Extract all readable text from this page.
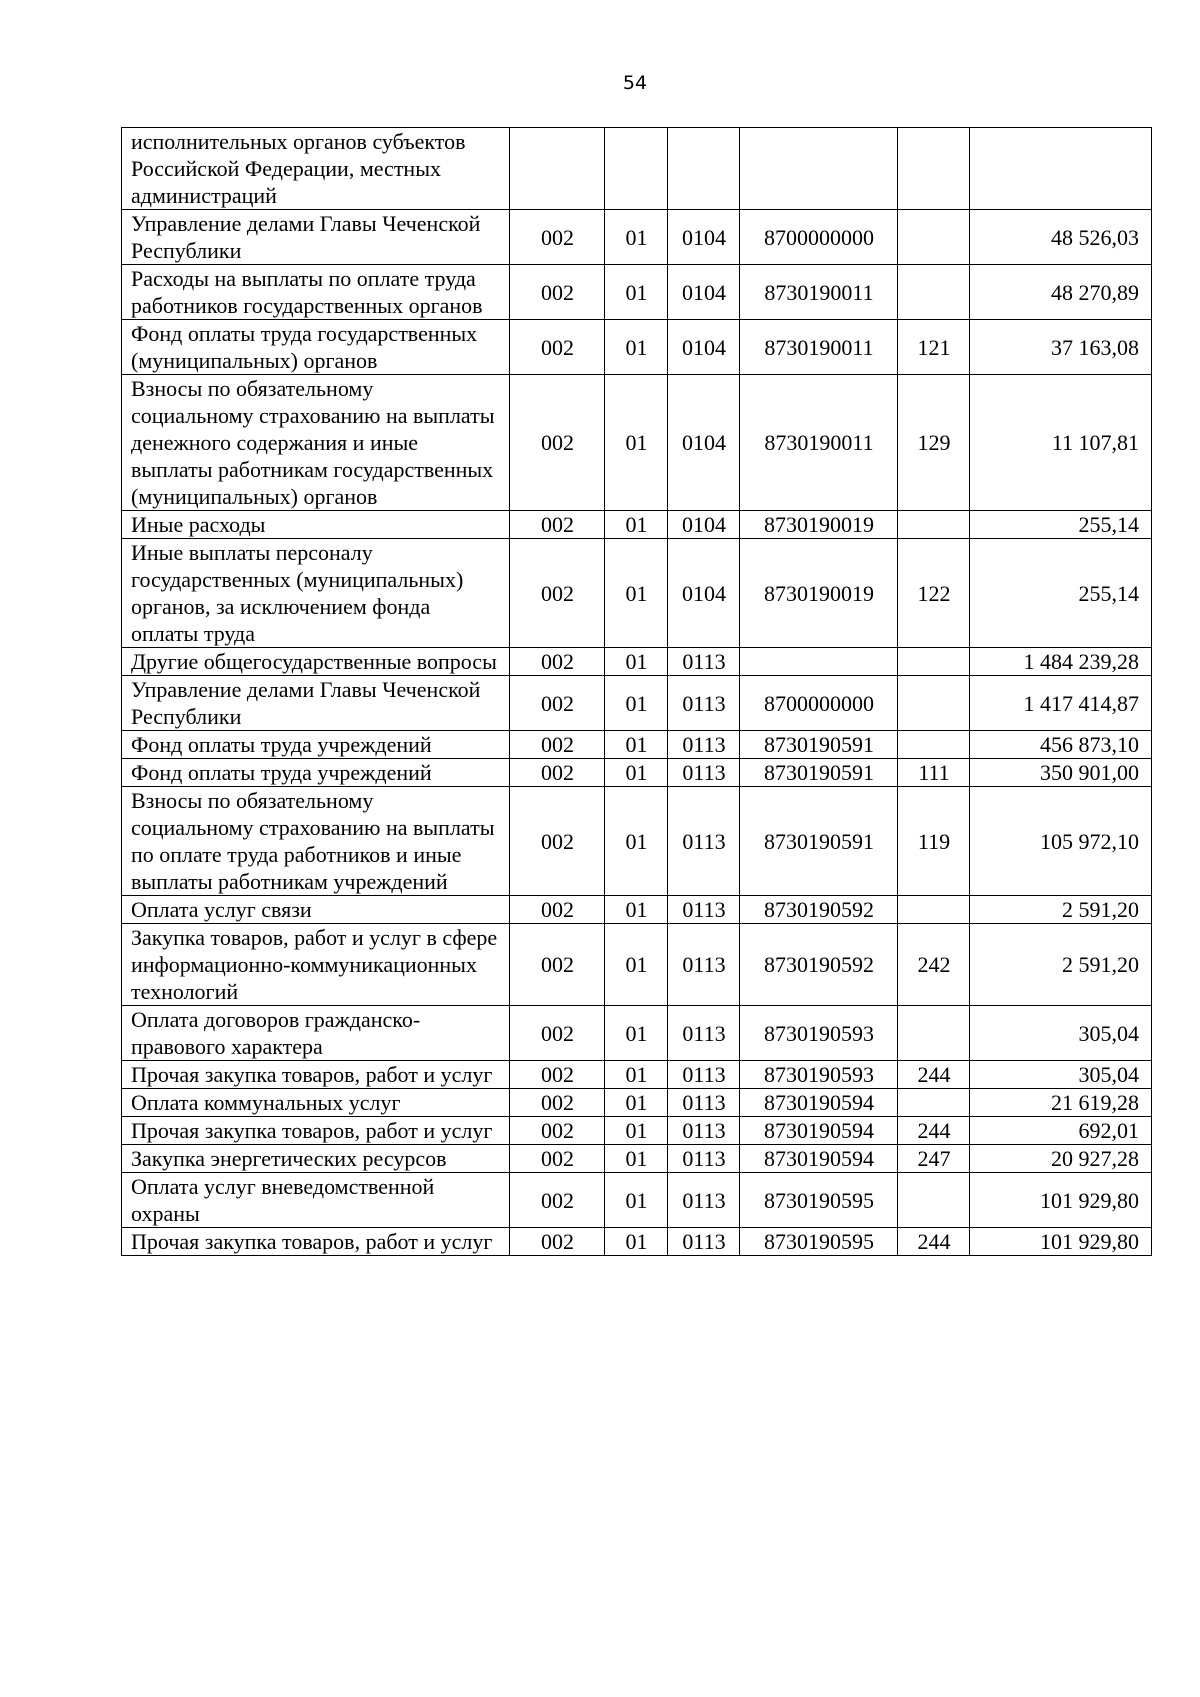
54
исполнительных органов субъектов Российской Федерации, местных администраций						
Управление делами Главы Чеченской Республики	002	01	0104	8700000000		48 526,03
Расходы на выплаты по оплате труда работников государственных органов	002	01	0104	8730190011		48 270,89
Фонд оплаты труда государственных (муниципальных) органов	002	01	0104	8730190011	121	37 163,08
Взносы по обязательному социальному страхованию на выплаты денежного содержания и иные выплаты работникам государственных (муниципальных) органов	002	01	0104	8730190011	129	11 107,81
Иные расходы	002	01	0104	8730190019		255,14
Иные выплаты персоналу государственных (муниципальных) органов, за исключением фонда оплаты труда	002	01	0104	8730190019	122	255,14
Другие общегосударственные вопросы	002	01	0113			1 484 239,28
Управление делами Главы Чеченской Республики	002	01	0113	8700000000		1 417 414,87
Фонд оплаты труда учреждений	002	01	0113	8730190591		456 873,10
Фонд оплаты труда учреждений	002	01	0113	8730190591	111	350 901,00
Взносы по обязательному социальному страхованию на выплаты по оплате труда работников и иные выплаты работникам учреждений	002	01	0113	8730190591	119	105 972,10
Оплата услуг связи	002	01	0113	8730190592		2 591,20
Закупка товаров, работ и услуг в сфере информационно-коммуникационных технологий	002	01	0113	8730190592	242	2 591,20
Оплата договоров гражданско-правового характера	002	01	0113	8730190593		305,04
Прочая закупка товаров, работ и услуг	002	01	0113	8730190593	244	305,04
Оплата коммунальных услуг	002	01	0113	8730190594		21 619,28
Прочая закупка товаров, работ и услуг	002	01	0113	8730190594	244	692,01
Закупка энергетических ресурсов	002	01	0113	8730190594	247	20 927,28
Оплата услуг вневедомственной охраны	002	01	0113	8730190595		101 929,80
Прочая закупка товаров, работ и услуг	002	01	0113	8730190595	244	101 929,80
